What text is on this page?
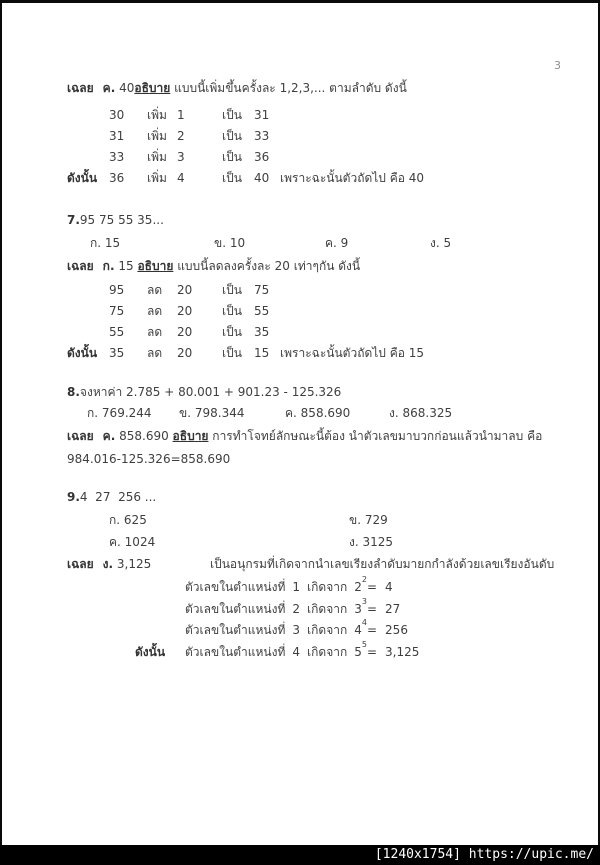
3
เฉลย ค. 40อธิบาย แบบนี้เพิ่มขึ้นครั้งละ 1,2,3,... ตามลำดับ ดังนี้
30 เพิ่ม 1	เป็น 31
31 เพิ่ม 2	เป็น 33
33 เพิ่ม 3	เป็น 36
ดังนั้น 36 เพิ่ม 4	เป็น 40 เพราะฉะนั้นตัวถัดไป คือ 40
7.95 75 55 35...
ก. 15	ข. 10	ค. 9	ง. 5
เฉลย ก. 15 อธิบาย แบบนี้ลดลงครั้งละ 20 เท่าๆกัน ดังนี้
95 ลด 20 เป็น 75
75 ลด 20 เป็น 55
55 ลด 20 เป็น 35
ดังนั้น 35 ลด 20 เป็น 15 เพราะฉะนั้นตัวถัดไป คือ 15
8.จงหาค่า 2.785 + 80.001 + 901.23 - 125.326
ก. 769.244 ข. 798.344	ค. 858.690	ง. 868.325
เฉลย ค. 858.690 อธิบาย การทำโจทย์ลักษณะนี้ต้อง นำตัวเลขมาบวกก่อนแล้วนำมาลบ คือ
984.016-125.326=858.690
9.4  27  256 ...
ก. 625	ข. 729
ค. 1024	ง. 3125
เฉลย ง. 3,125	เป็นอนุกรมที่เกิดจากนำเลขเรียงลำดับมายกกำลังด้วยเลขเรียงอันดับ
ตัวเลขในตำแหน่งที่ 1 เกิดจาก $2^2= 4$
ตัวเลขในตำแหน่งที่ 2 เกิดจาก $3^3= 27$
ตัวเลขในตำแหน่งที่ 3 เกิดจาก $4^4= 256$
ดังนั้น ตัวเลขในตำแหน่งที่ 4 เกิดจาก $5^5= 3,125$
[1240x1754] https://upic.me/
